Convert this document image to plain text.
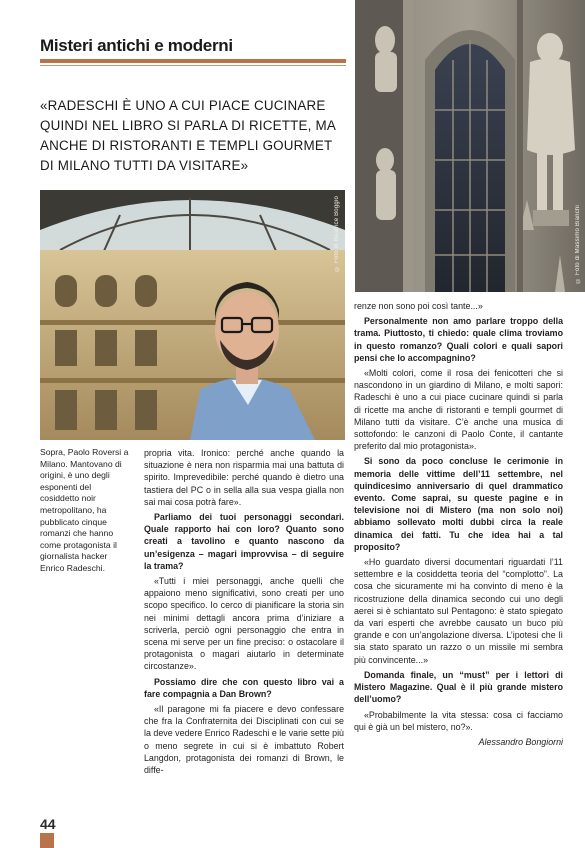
Misteri antichi e moderni
«RADESCHI È UNO A CUI PIACE CUCINARE QUINDI NEL LIBRO SI PARLA DI RICETTE, MA ANCHE DI RISTORANTI E TEMPLI GOURMET DI MILANO TUTTI DA VISITARE»
© Foto di Massimo Bianchi
© Foto di Beatrice Boggio
Sopra, Paolo Roversi a Milano. Mantovano di origini, è uno degli esponenti del cosiddetto noir metropolitano, ha pubblicato cinque romanzi che hanno come protagonista il giornalista hacker Enrico Radeschi.

propria vita. Ironico: perché anche quando la situazione è nera non risparmia mai una battuta di spirito. Imprevedibile: perché quando è dietro una tastiera del PC o in sella alla sua vespa gialla non sai mai cosa potrà fare».

Parliamo dei tuoi personaggi secondari. Quale rapporto hai con loro? Quanto sono creati a tavolino e quanto nascono da un’esigenza – magari improvvisa – di seguire la trama?

«Tutti i miei personaggi, anche quelli che appaiono meno significativi, sono creati per uno scopo specifico. Io cerco di pianificare la storia sin nei minimi dettagli ancora prima d’iniziare a scriverla, perciò ogni personaggio che entra in scena mi serve per un fine preciso: o ostacolare il protagonista o magari aiutarlo in determinate circostanze».

Possiamo dire che con questo libro vai a fare compagnia a Dan Brown?

«Il paragone mi fa piacere e devo confessare che fra la Confraternita dei Disciplinati con cui se la deve vedere Enrico Radeschi e le varie sette più o meno segrete in cui si è imbattuto Robert Langdon, protagonista dei romanzi di Brown, le diffe-

renze non sono poi così tante...»

Personalmente non amo parlare troppo della trama. Piuttosto, ti chiedo: quale clima troviamo in questo romanzo? Quali colori e quali sapori pensi che lo accompagnino?

«Molti colori, come il rosa dei fenicotteri che si nascondono in un giardino di Milano, e molti sapori: Radeschi è uno a cui piace cucinare quindi si parla di ricette ma anche di ristoranti e templi gourmet di Milano tutti da visitare. C’è anche una musica di sottofondo: le canzoni di Paolo Conte, il cantante preferito dal mio protagonista».

Si sono da poco concluse le cerimonie in memoria delle vittime dell’11 settembre, nel quindicesimo anniversario di quel drammatico evento. Come saprai, su queste pagine e in televisione noi di Mistero (ma non solo noi) abbiamo sollevato molti dubbi circa la reale dinamica dei fatti. Tu che idea hai a tal proposito?

«Ho guardato diversi documentari riguardati l’11 settembre e la cosiddetta teoria del “complotto”. La cosa che sicuramente mi ha convinto di meno è la ricostruzione della dinamica secondo cui uno degli aerei si è schiantato sul Pentagono: è stato spiegato da vari esperti che avrebbe causato un buco più grande e con un’angolazione diversa. L’ipotesi che lì sia stato sparato un razzo o un missile mi sembra più convincente...»

Domanda finale, un “must” per i lettori di Mistero Magazine. Qual è il più grande mistero dell’uomo?

«Probabilmente la vita stessa: cosa ci facciamo qui è già un bel mistero, no?».

Alessandro Bongiorni

44
